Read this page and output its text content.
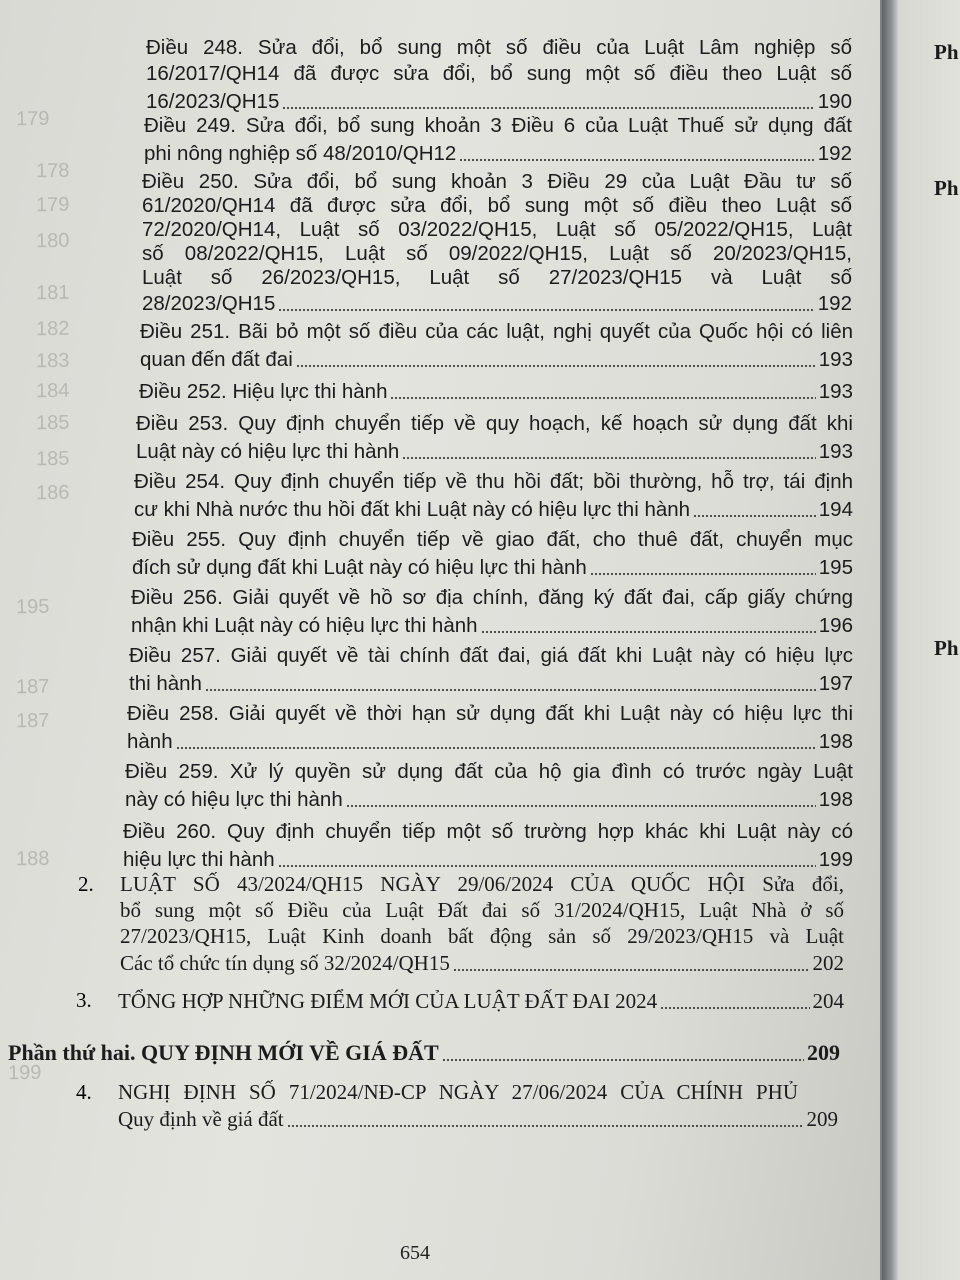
179
178
179
180
181
182
183
184
185
185
186
195
187
187
188
199
Điều 248. Sửa đổi, bổ sung một số điều của Luật Lâm nghiệp số
16/2017/QH14 đã được sửa đổi, bổ sung một số điều theo Luật số
16/2023/QH15	190
Điều 249. Sửa đổi, bổ sung khoản 3 Điều 6 của Luật Thuế sử dụng đất
phi nông nghiệp số 48/2010/QH12	192
Điều 250. Sửa đổi, bổ sung khoản 3 Điều 29 của Luật Đầu tư số
61/2020/QH14 đã được sửa đổi, bổ sung một số điều theo Luật số
72/2020/QH14, Luật số 03/2022/QH15, Luật số 05/2022/QH15, Luật
số 08/2022/QH15, Luật số 09/2022/QH15, Luật số 20/2023/QH15,
Luật số 26/2023/QH15, Luật số 27/2023/QH15 và Luật số
28/2023/QH15	192
Điều 251. Bãi bỏ một số điều của các luật, nghị quyết của Quốc hội có liên
quan đến đất đai	193
Điều 252. Hiệu lực thi hành	193
Điều 253. Quy định chuyển tiếp về quy hoạch, kế hoạch sử dụng đất khi
Luật này có hiệu lực thi hành	193
Điều 254. Quy định chuyển tiếp về thu hồi đất; bồi thường, hỗ trợ, tái định
cư khi Nhà nước thu hồi đất khi Luật này có hiệu lực thi hành	194
Điều 255. Quy định chuyển tiếp về giao đất, cho thuê đất, chuyển mục
đích sử dụng đất khi Luật này có hiệu lực thi hành	195
Điều 256. Giải quyết về hồ sơ địa chính, đăng ký đất đai, cấp giấy chứng
nhận khi Luật này có hiệu lực thi hành	196
Điều 257. Giải quyết về tài chính đất đai, giá đất khi Luật này có hiệu lực
thi hành	197
Điều 258. Giải quyết về thời hạn sử dụng đất khi Luật này có hiệu lực thi
hành	198
Điều 259. Xử lý quyền sử dụng đất của hộ gia đình có trước ngày Luật
này có hiệu lực thi hành	198
Điều 260. Quy định chuyển tiếp một số trường hợp khác khi Luật này có
hiệu lực thi hành	199
2. LUẬT SỐ 43/2024/QH15 NGÀY 29/06/2024 CỦA QUỐC HỘI Sửa đổi,
bổ sung một số Điều của Luật Đất đai số 31/2024/QH15, Luật Nhà ở số
27/2023/QH15, Luật Kinh doanh bất động sản số 29/2023/QH15 và Luật
Các tổ chức tín dụng số 32/2024/QH15	202
3. TỔNG HỢP NHỮNG ĐIỂM MỚI CỦA LUẬT ĐẤT ĐAI 2024	204
Phần thứ hai. QUY ĐỊNH MỚI VỀ GIÁ ĐẤT	209
4. NGHỊ ĐỊNH SỐ 71/2024/NĐ-CP NGÀY 27/06/2024 CỦA CHÍNH PHỦ
Quy định về giá đất	209
654
Ph
Ph
Ph
